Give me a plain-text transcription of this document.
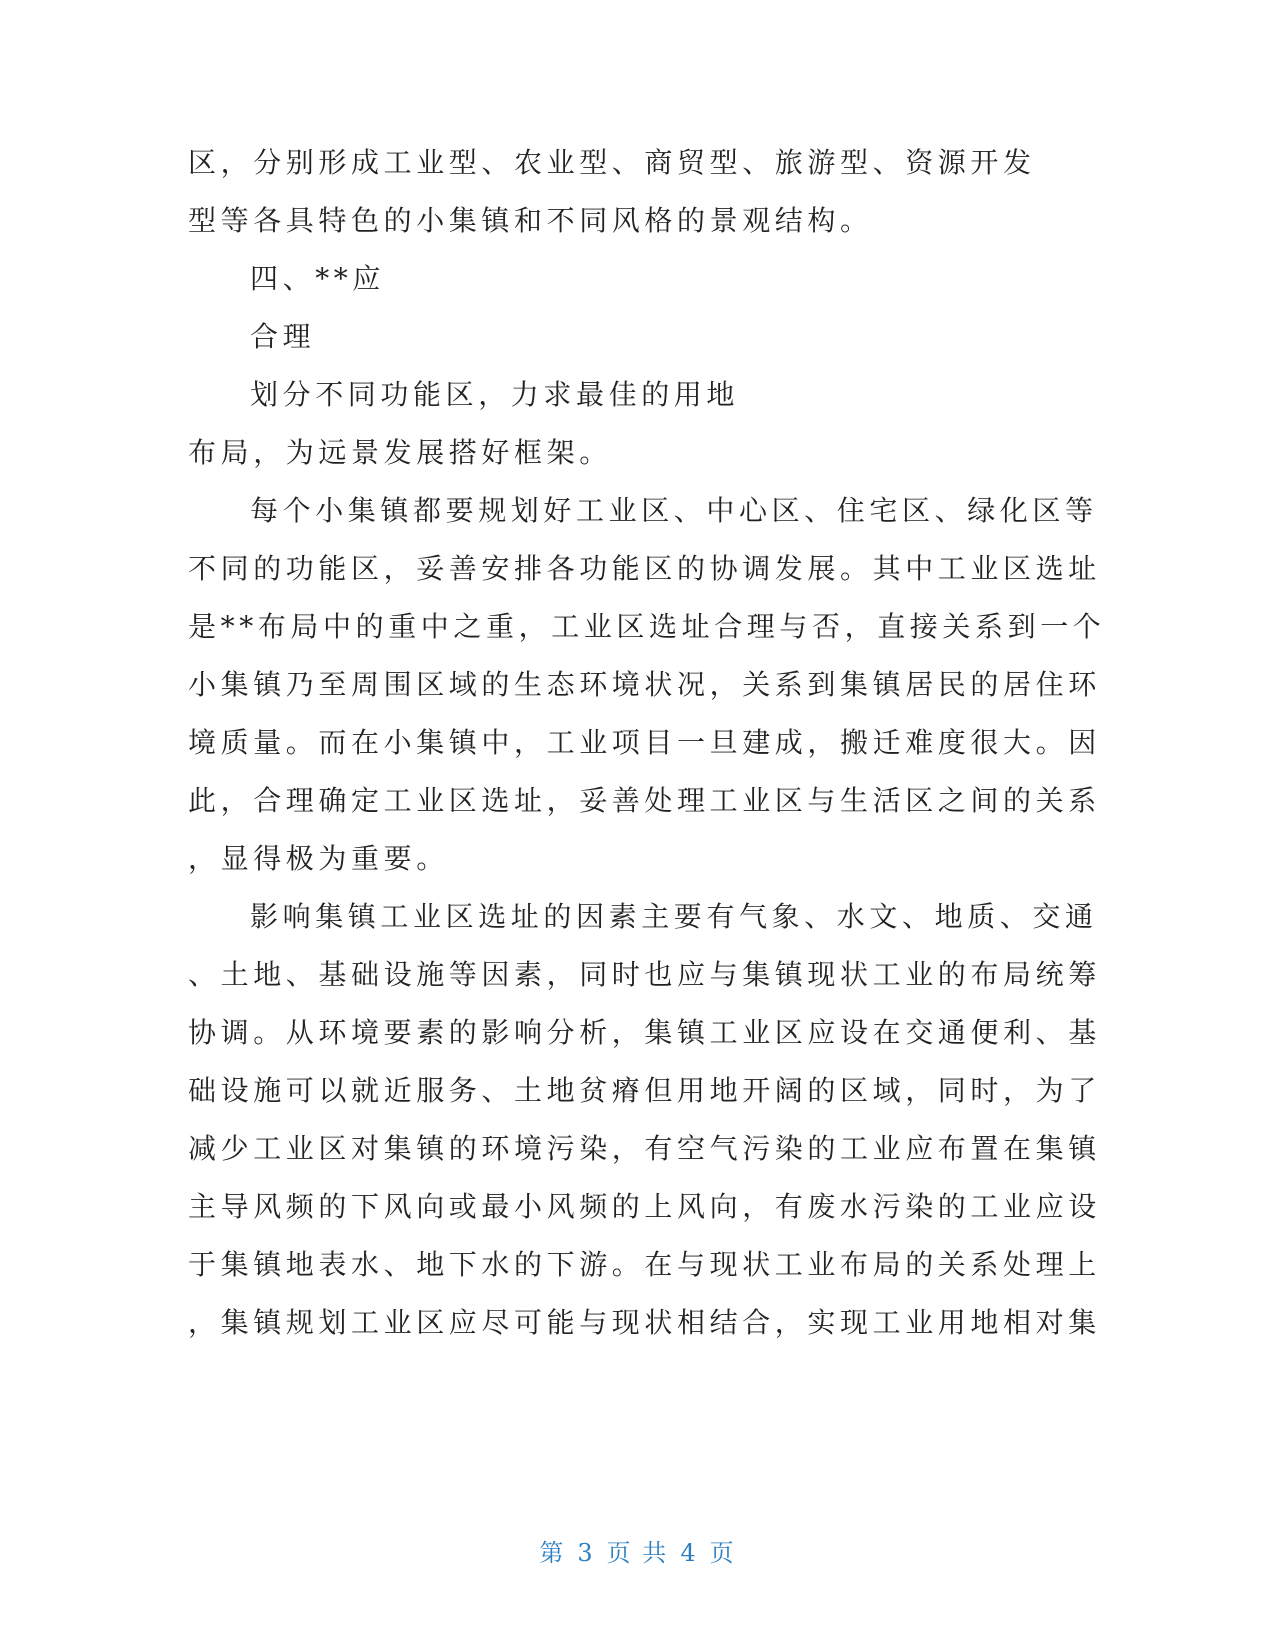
区，分别形成工业型、农业型、商贸型、旅游型、资源开发
型等各具特色的小集镇和不同风格的景观结构。
四、**应
合理
划分不同功能区，力求最佳的用地
布局，为远景发展搭好框架。
每个小集镇都要规划好工业区、中心区、住宅区、绿化区等
不同的功能区，妥善安排各功能区的协调发展。其中工业区选址
是**布局中的重中之重，工业区选址合理与否，直接关系到一个
小集镇乃至周围区域的生态环境状况，关系到集镇居民的居住环
境质量。而在小集镇中，工业项目一旦建成，搬迁难度很大。因
此，合理确定工业区选址，妥善处理工业区与生活区之间的关系
，显得极为重要。
影响集镇工业区选址的因素主要有气象、水文、地质、交通
、土地、基础设施等因素，同时也应与集镇现状工业的布局统筹
协调。从环境要素的影响分析，集镇工业区应设在交通便利、基
础设施可以就近服务、土地贫瘠但用地开阔的区域，同时，为了
减少工业区对集镇的环境污染，有空气污染的工业应布置在集镇
主导风频的下风向或最小风频的上风向，有废水污染的工业应设
于集镇地表水、地下水的下游。在与现状工业布局的关系处理上
，集镇规划工业区应尽可能与现状相结合，实现工业用地相对集
第 3 页 共 4 页
